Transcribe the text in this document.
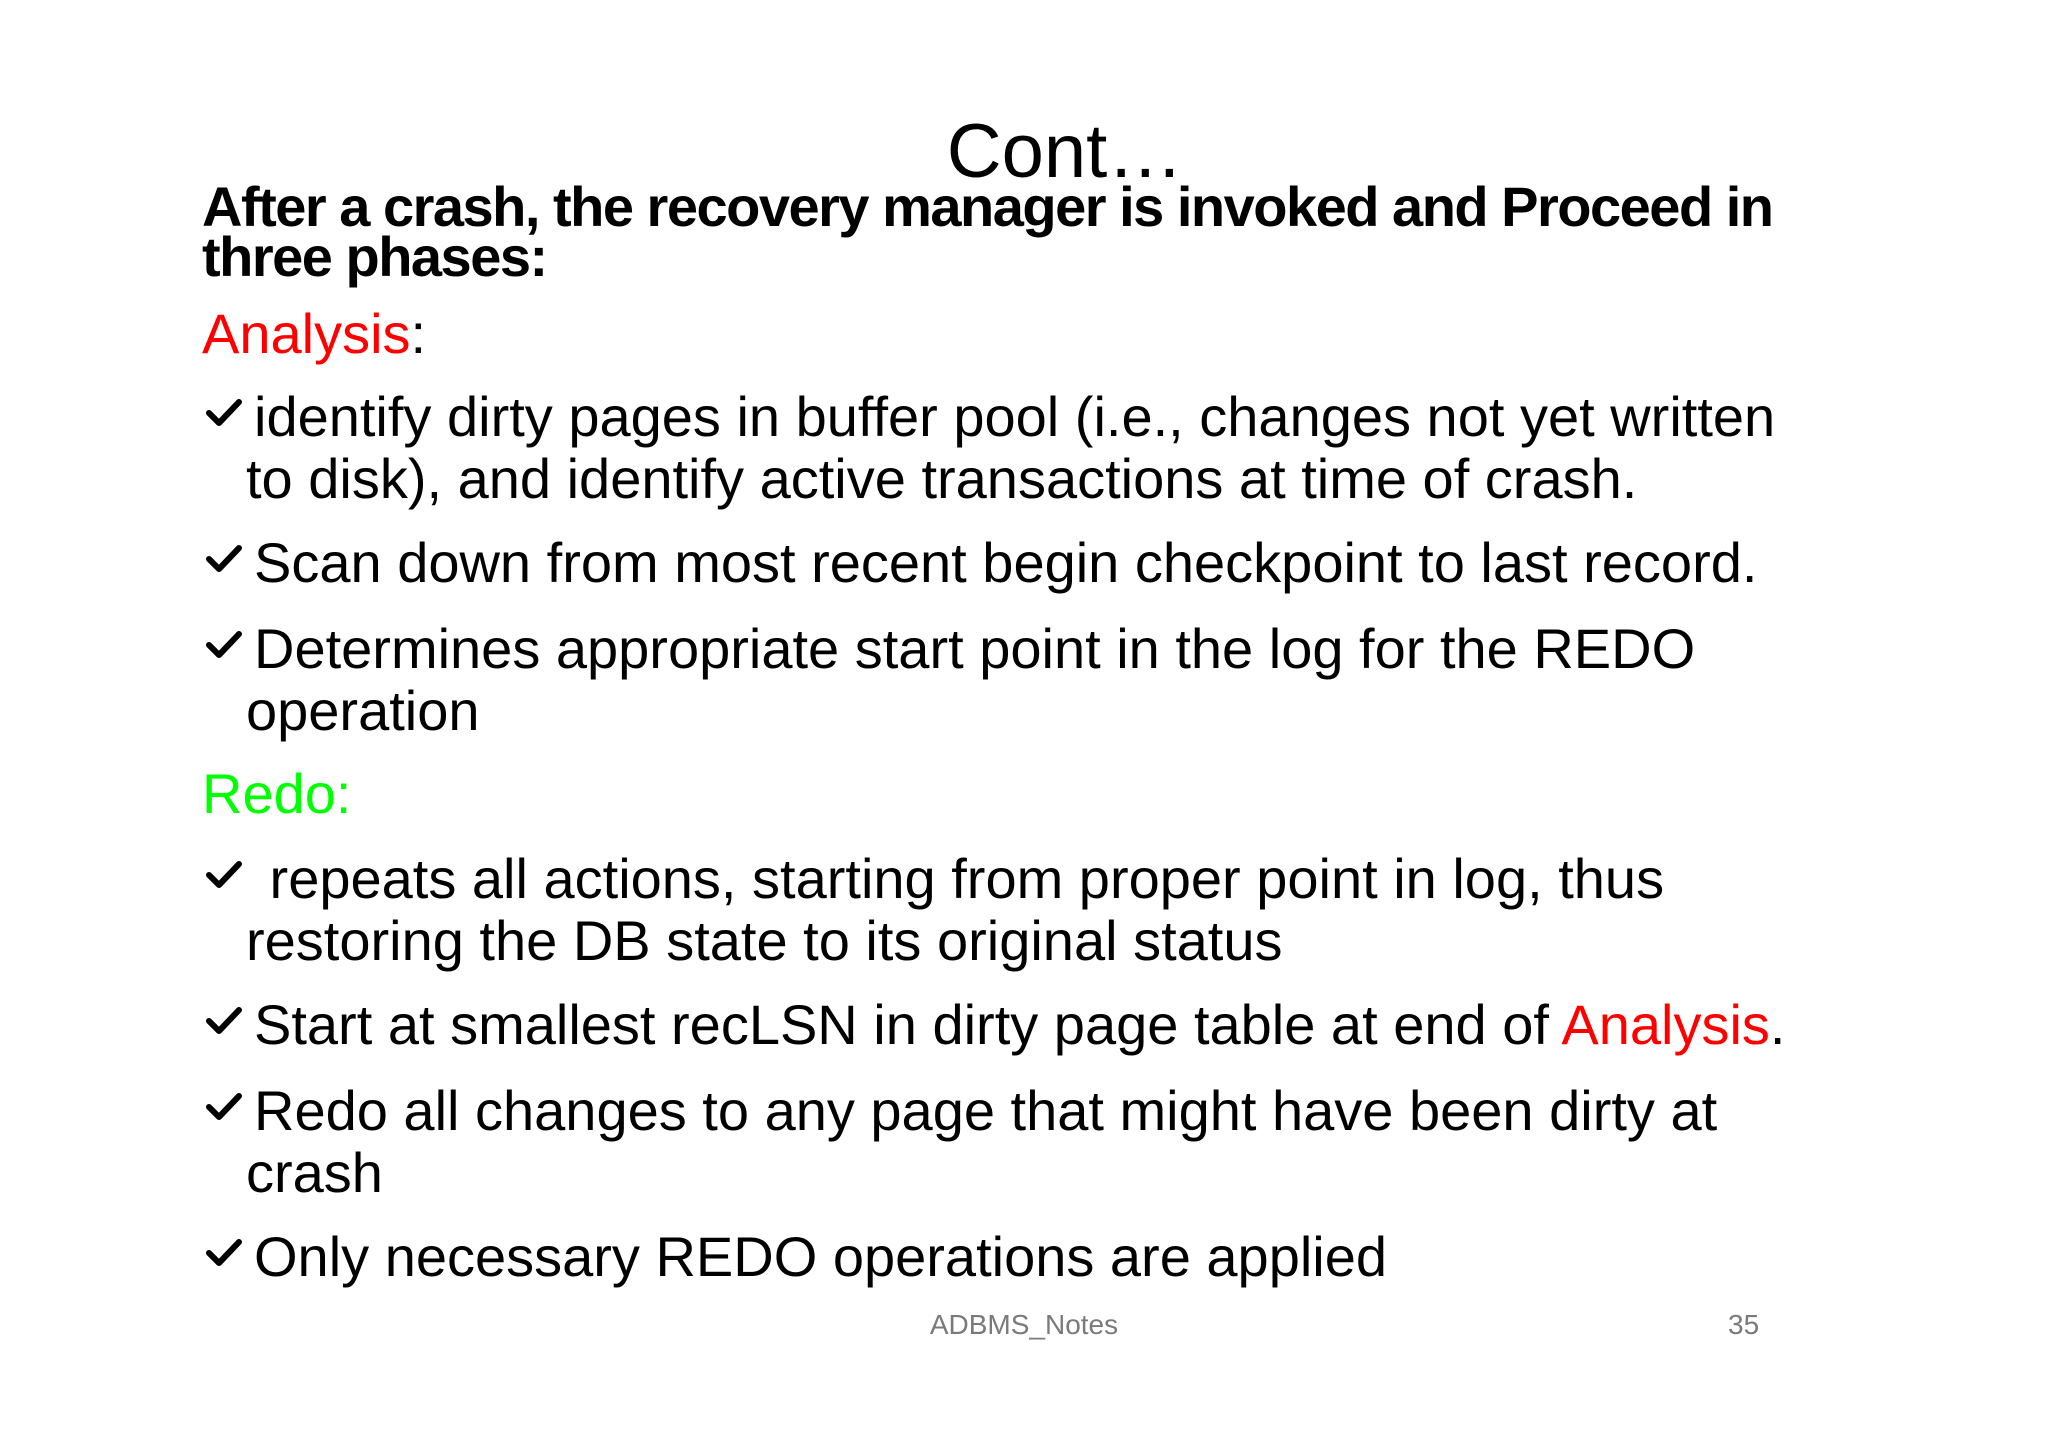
Cont…
After a crash, the recovery manager is invoked and Proceed in
three phases:
Analysis:
identify dirty pages in buffer pool (i.e., changes not yet written
to disk), and identify active transactions at time of crash.
Scan down from most recent begin checkpoint to last record.
Determines appropriate start point in the log for the REDO
operation
Redo:
repeats all actions, starting from proper point in log, thus
restoring the DB state to its original status
Start at smallest recLSN in dirty page table at end of Analysis.
Redo all changes to any page that might have been dirty at
crash
Only necessary REDO operations are applied
ADBMS_Notes	35
